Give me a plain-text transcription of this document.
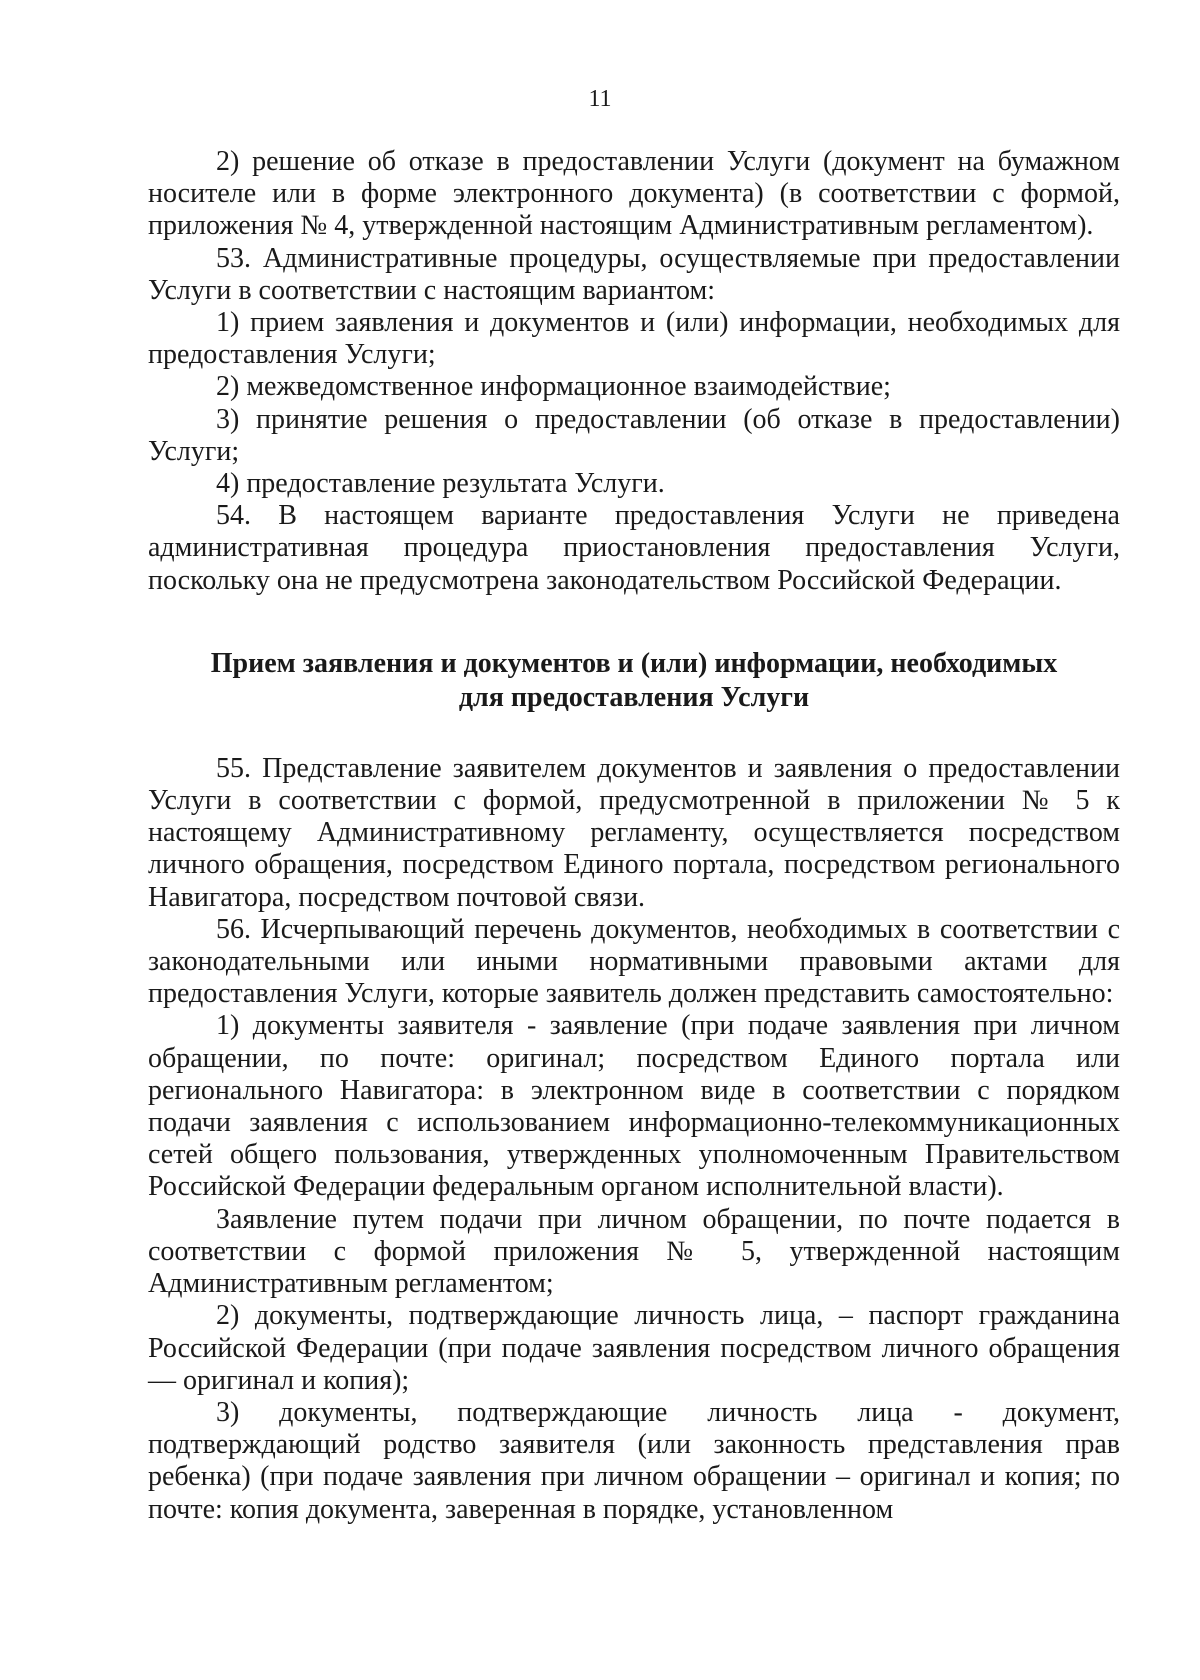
11

2) решение об отказе в предоставлении Услуги (документ на бумажном носителе или в форме электронного документа) (в соответствии с формой, приложения № 4, утвержденной настоящим Административным регламентом).

53. Административные процедуры, осуществляемые при предоставлении Услуги в соответствии с настоящим вариантом:

1) прием заявления и документов и (или) информации, необходимых для предоставления Услуги;

2) межведомственное информационное взаимодействие;

3) принятие решения о предоставлении (об отказе в предоставлении) Услуги;

4) предоставление результата Услуги.

54. В настоящем варианте предоставления Услуги не приведена административная процедура приостановления предоставления Услуги, поскольку она не предусмотрена законодательством Российской Федерации.

Прием заявления и документов и (или) информации, необходимых
для предоставления Услуги

55. Представление заявителем документов и заявления о предоставлении Услуги в соответствии с формой, предусмотренной в приложении № 5 к настоящему Административному регламенту, осуществляется посредством личного обращения, посредством Единого портала, посредством регионального Навигатора, посредством почтовой связи.

56. Исчерпывающий перечень документов, необходимых в соответствии с законодательными или иными нормативными правовыми актами для предоставления Услуги, которые заявитель должен представить самостоятельно:

1) документы заявителя - заявление (при подаче заявления при личном обращении, по почте: оригинал; посредством Единого портала или регионального Навигатора: в электронном виде в соответствии с порядком подачи заявления с использованием информационно-телекоммуникационных сетей общего пользования, утвержденных уполномоченным Правительством Российской Федерации федеральным органом исполнительной власти).

Заявление путем подачи при личном обращении, по почте подается в соответствии с формой приложения № 5, утвержденной настоящим Административным регламентом;

2) документы, подтверждающие личность лица, – паспорт гражданина Российской Федерации (при подаче заявления посредством личного обращения — оригинал и копия);

3) документы, подтверждающие личность лица - документ, подтверждающий родство заявителя (или законность представления прав ребенка) (при подаче заявления при личном обращении – оригинал и копия; по почте: копия документа, заверенная в порядке, установленном
